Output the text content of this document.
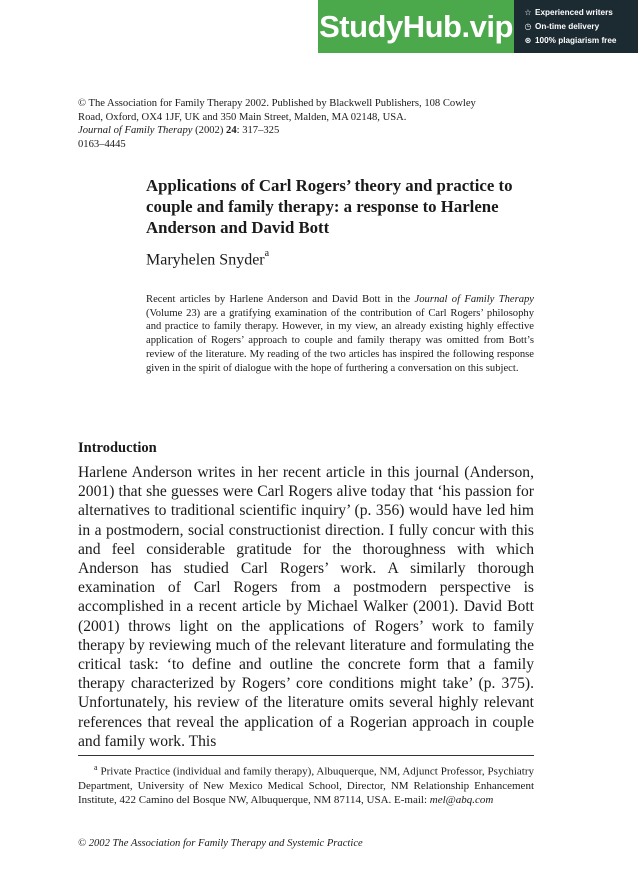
StudyHub.vip ☆ Experienced writers
◷ On-time delivery
⊛ 100% plagiarism free
© The Association for Family Therapy 2002. Published by Blackwell Publishers, 108 Cowley
Road, Oxford, OX4 1JF, UK and 350 Main Street, Malden, MA 02148, USA.
Journal of Family Therapy (2002) 24: 317–325
0163–4445
Applications of Carl Rogers’ theory and practice to couple and family therapy: a response to Harlene Anderson and David Bott
Maryhelen Snyder$^a$
Recent articles by Harlene Anderson and David Bott in the Journal of Family Therapy (Volume 23) are a gratifying examination of the contribution of Carl Rogers’ philosophy and practice to family therapy. However, in my view, an already existing highly effective application of Rogers’ approach to couple and family therapy was omitted from Bott’s review of the literature. My reading of the two articles has inspired the following response given in the spirit of dialogue with the hope of furthering a conversation on this subject.
Introduction
Harlene Anderson writes in her recent article in this journal (Anderson, 2001) that she guesses were Carl Rogers alive today that ‘his passion for alternatives to traditional scientific inquiry’ (p. 356) would have led him in a postmodern, social constructionist direction. I fully concur with this and feel considerable gratitude for the thoroughness with which Anderson has studied Carl Rogers’ work. A similarly thorough examination of Carl Rogers from a postmodern perspective is accomplished in a recent article by Michael Walker (2001). David Bott (2001) throws light on the applications of Rogers’ work to family therapy by reviewing much of the relevant literature and formulating the critical task: ‘to define and outline the concrete form that a family therapy characterized by Rogers’ core conditions might take’ (p. 375). Unfortunately, his review of the literature omits several highly relevant references that reveal the application of a Rogerian approach in couple and family work. This
$^a$ Private Practice (individual and family therapy), Albuquerque, NM, Adjunct Professor, Psychiatry Department, University of New Mexico Medical School, Director, NM Relationship Enhancement Institute, 422 Camino del Bosque NW, Albuquerque, NM 87114, USA. E-mail: mel@abq.com
© 2002 The Association for Family Therapy and Systemic Practice
